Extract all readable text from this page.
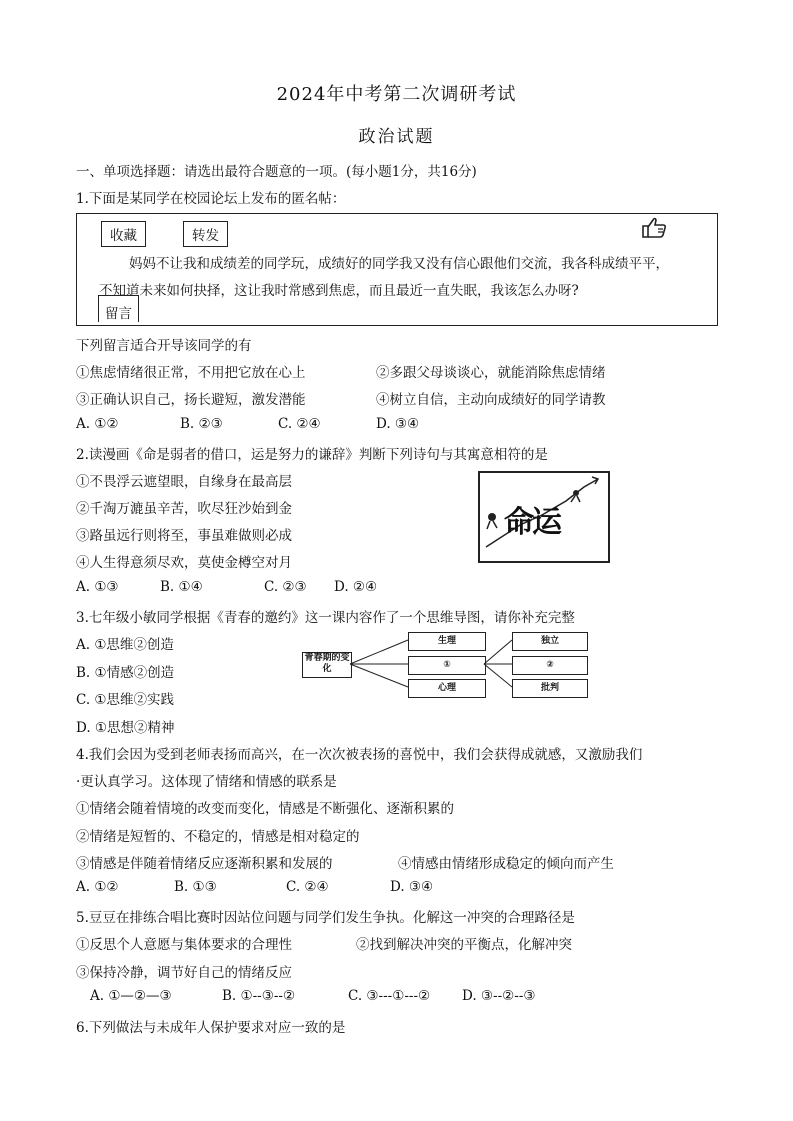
2024年中考第二次调研考试
政治试题
一、单项选择题：请选出最符合题意的一项。(每小题1分，共16分)
1.下面是某同学在校园论坛上发布的匿名帖：
收藏	转发
妈妈不让我和成绩差的同学玩，成绩好的同学我又没有信心跟他们交流，我各科成绩平平，
不知道未来如何抉择，这让我时常感到焦虑，而且最近一直失眠，我该怎么办呀?
留言
下列留言适合开导该同学的有
①焦虑情绪很正常，不用把它放在心上	②多跟父母谈谈心，就能消除焦虑情绪
③正确认识自己，扬长避短，激发潜能	④树立自信，主动向成绩好的同学请教
A. ①②	B. ②③	C. ②④	D. ③④
2.读漫画《命是弱者的借口，运是努力的谦辞》判断下列诗句与其寓意相符的是
①不畏浮云遮望眼，自缘身在最高层
②千淘万漉虽辛苦，吹尽狂沙始到金
③路虽远行则将至，事虽难做则必成
④人生得意须尽欢，莫使金樽空对月
A. ①③	B. ①④	C. ②③ D. ②④
命运
3.七年级小敏同学根据《青春的邀约》这一课内容作了一个思维导图，请你补充完整
A. ①思维②创造
B. ①情感②创造
C. ①思维②实践
D. ①思想②精神
青春期的变化
生理
①
心理
独立
②
批判
4.我们会因为受到老师表扬而高兴，在一次次被表扬的喜悦中，我们会获得成就感，又激励我们
·更认真学习。这体现了情绪和情感的联系是
①情绪会随着情境的改变而变化，情感是不断强化、逐渐积累的
②情绪是短暂的、不稳定的，情感是相对稳定的
③情感是伴随着情绪反应逐渐积累和发展的	④情感由情绪形成稳定的倾向而产生
A. ①②	B. ①③	C. ②④	D. ③④
5.豆豆在排练合唱比赛时因站位问题与同学们发生争执。化解这一冲突的合理路径是
①反思个人意愿与集体要求的合理性	②找到解决冲突的平衡点，化解冲突
③保持冷静，调节好自己的情绪反应
A. ①—②—③	B. ①--③--②	C. ③---①---② D. ③--②--③
6.下列做法与未成年人保护要求对应一致的是
